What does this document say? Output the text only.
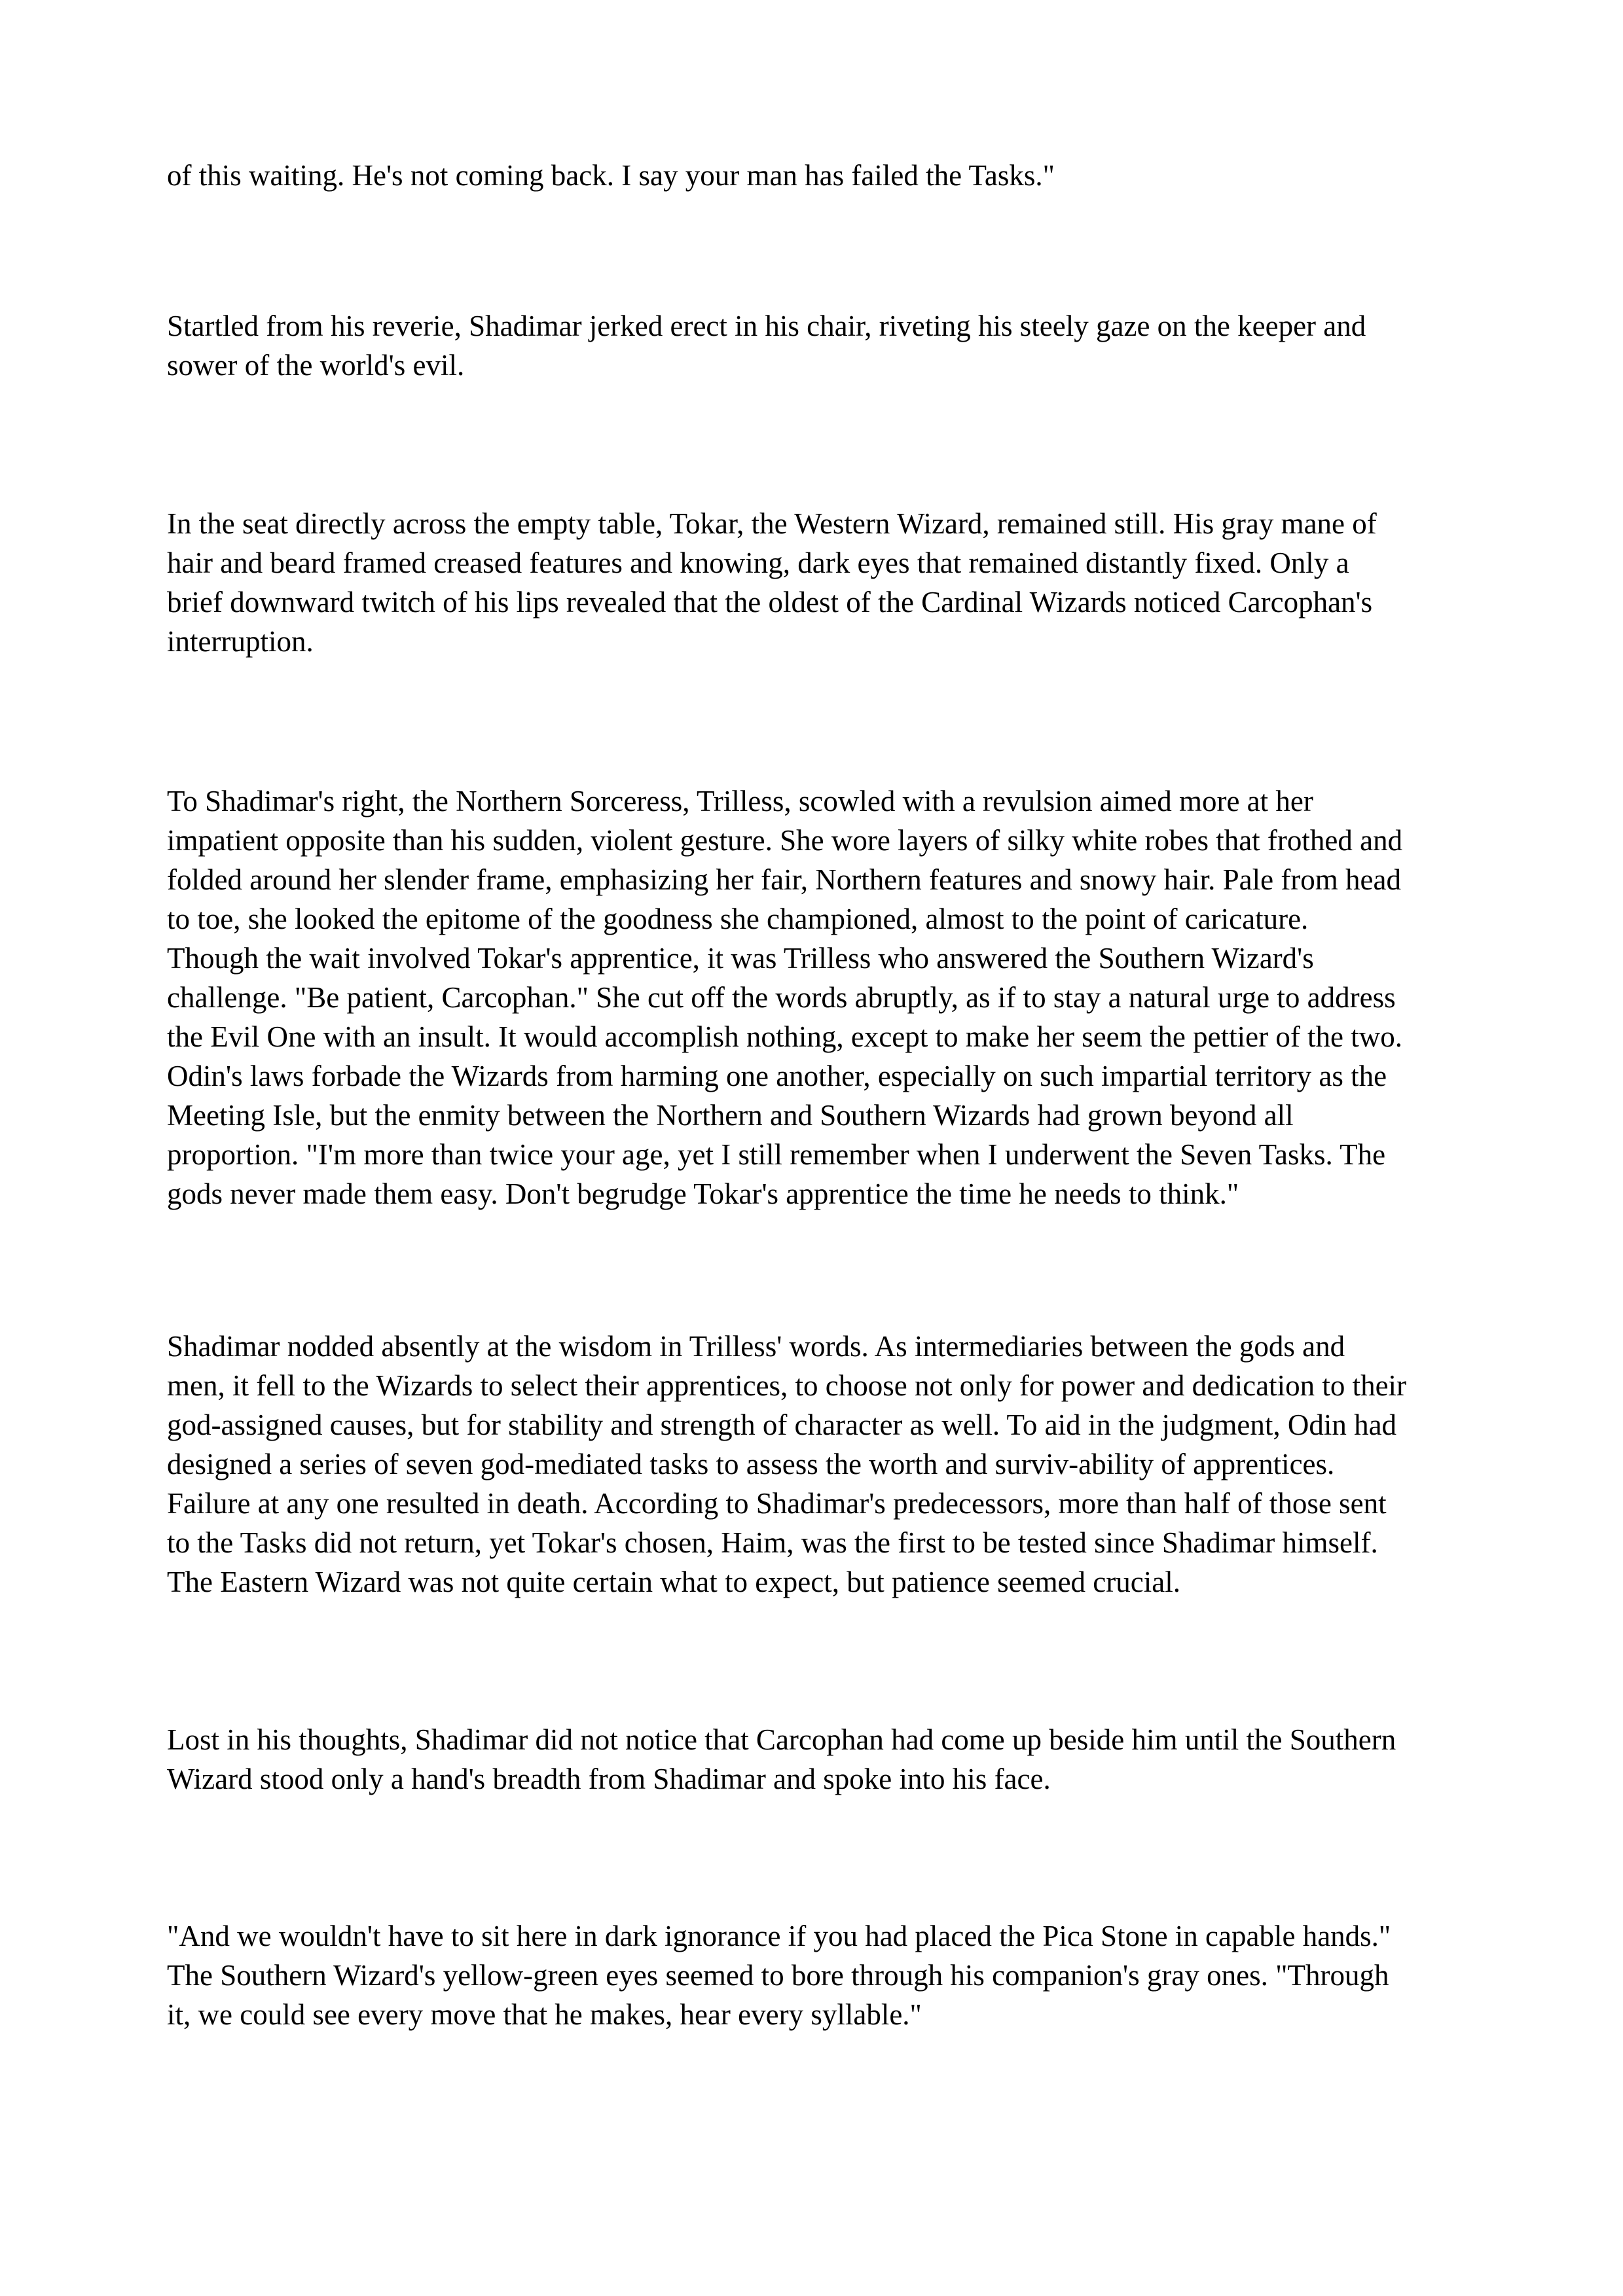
of this waiting. He's not coming back. I say your man has failed the Tasks."

Startled from his reverie, Shadimar jerked erect in his chair, riveting his steely gaze on the keeper and
sower of the world's evil.

In the seat directly across the empty table, Tokar, the Western Wizard, remained still. His gray mane of
hair and beard framed creased features and knowing, dark eyes that remained distantly fixed. Only a
brief downward twitch of his lips revealed that the oldest of the Cardinal Wizards noticed Carcophan's
interruption.

To Shadimar's right, the Northern Sorceress, Trilless, scowled with a revulsion aimed more at her
impatient opposite than his sudden, violent gesture. She wore layers of silky white robes that frothed and
folded around her slender frame, emphasizing her fair, Northern features and snowy hair. Pale from head
to toe, she looked the epitome of the goodness she championed, almost to the point of caricature.
Though the wait involved Tokar's apprentice, it was Trilless who answered the Southern Wizard's
challenge. "Be patient, Carcophan." She cut off the words abruptly, as if to stay a natural urge to address
the Evil One with an insult. It would accomplish nothing, except to make her seem the pettier of the two.
Odin's laws forbade the Wizards from harming one another, especially on such impartial territory as the
Meeting Isle, but the enmity between the Northern and Southern Wizards had grown beyond all
proportion. "I'm more than twice your age, yet I still remember when I underwent the Seven Tasks. The
gods never made them easy. Don't begrudge Tokar's apprentice the time he needs to think."

Shadimar nodded absently at the wisdom in Trilless' words. As intermediaries between the gods and
men, it fell to the Wizards to select their apprentices, to choose not only for power and dedication to their
god-assigned causes, but for stability and strength of character as well. To aid in the judgment, Odin had
designed a series of seven god-mediated tasks to assess the worth and surviv-ability of apprentices.
Failure at any one resulted in death. According to Shadimar's predecessors, more than half of those sent
to the Tasks did not return, yet Tokar's chosen, Haim, was the first to be tested since Shadimar himself.
The Eastern Wizard was not quite certain what to expect, but patience seemed crucial.

Lost in his thoughts, Shadimar did not notice that Carcophan had come up beside him until the Southern
Wizard stood only a hand's breadth from Shadimar and spoke into his face.

"And we wouldn't have to sit here in dark ignorance if you had placed the Pica Stone in capable hands."
The Southern Wizard's yellow-green eyes seemed to bore through his companion's gray ones. "Through
it, we could see every move that he makes, hear every syllable."
